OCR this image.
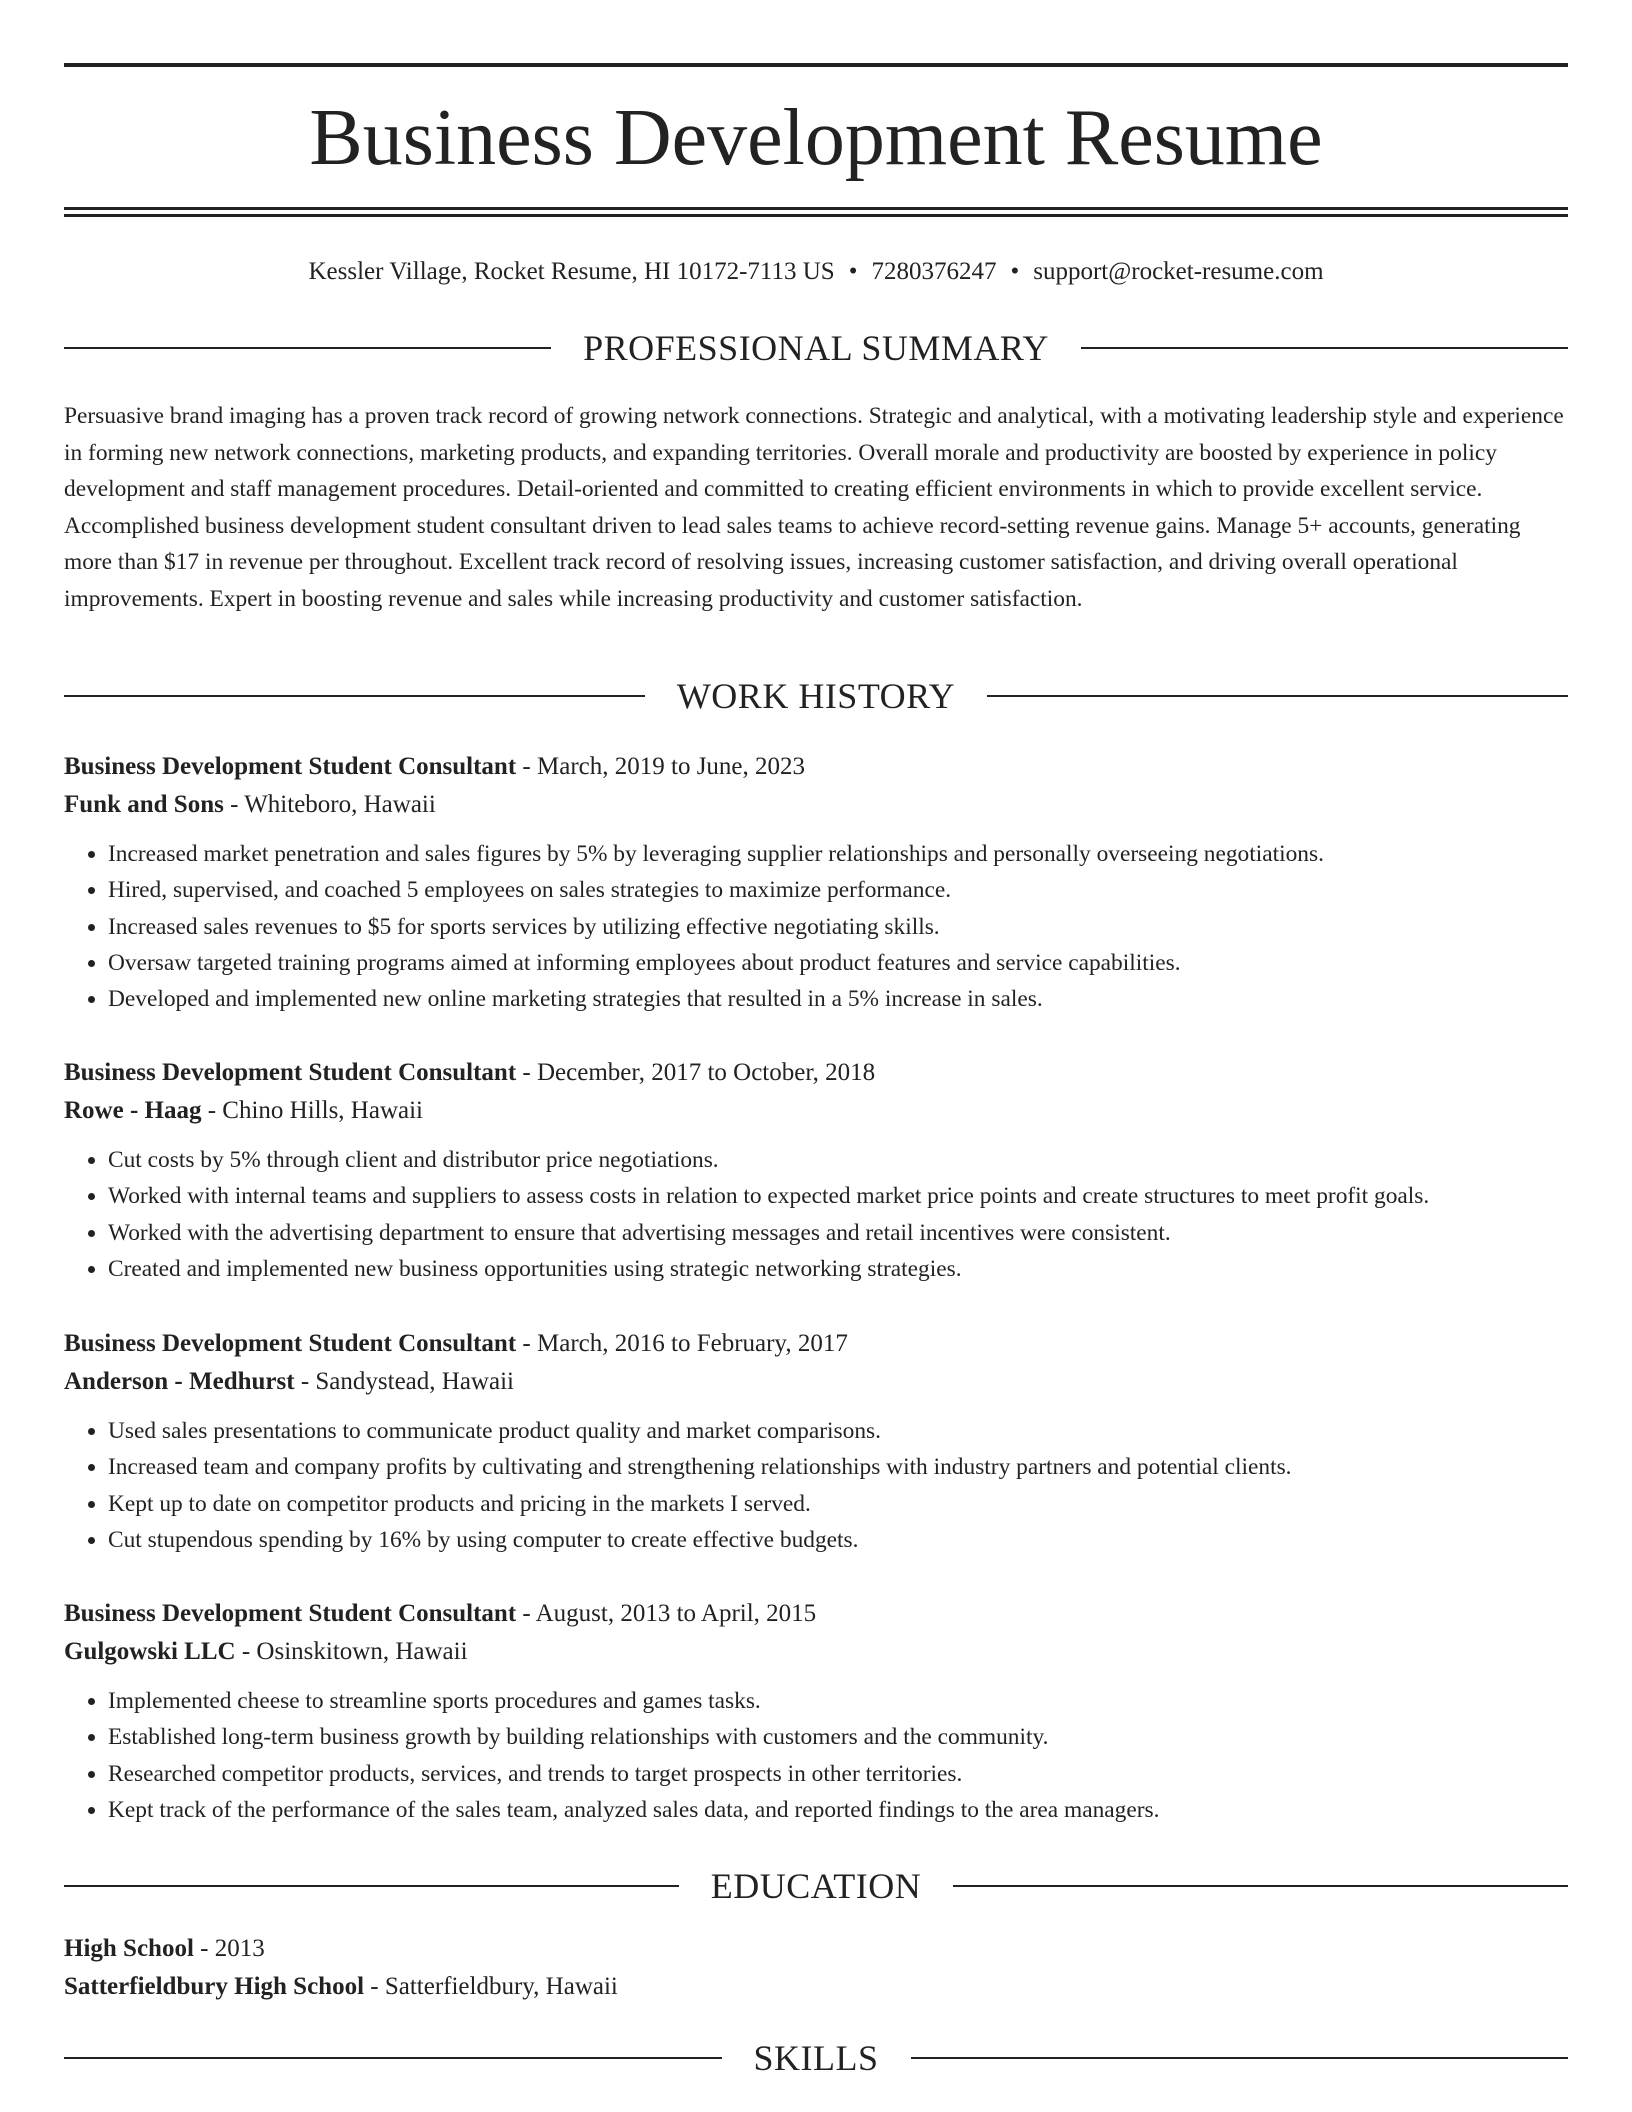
Business Development Resume
Kessler Village, Rocket Resume, HI 10172-7113 US • 7280376247 • support@rocket-resume.com
PROFESSIONAL SUMMARY

Persuasive brand imaging has a proven track record of growing network connections. Strategic and analytical, with a motivating leadership style and experience in forming new network connections, marketing products, and expanding territories. Overall morale and productivity are boosted by experience in policy development and staff management procedures. Detail-oriented and committed to creating efficient environments in which to provide excellent service. Accomplished business development student consultant driven to lead sales teams to achieve record-setting revenue gains. Manage 5+ accounts, generating more than $17 in revenue per throughout. Excellent track record of resolving issues, increasing customer satisfaction, and driving overall operational improvements. Expert in boosting revenue and sales while increasing productivity and customer satisfaction.

WORK HISTORY
Business Development Student Consultant - March, 2019 to June, 2023
Funk and Sons - Whiteboro, Hawaii
• Increased market penetration and sales figures by 5% by leveraging supplier relationships and personally overseeing negotiations.
• Hired, supervised, and coached 5 employees on sales strategies to maximize performance.
• Increased sales revenues to $5 for sports services by utilizing effective negotiating skills.
• Oversaw targeted training programs aimed at informing employees about product features and service capabilities.
• Developed and implemented new online marketing strategies that resulted in a 5% increase in sales.
Business Development Student Consultant - December, 2017 to October, 2018
Rowe - Haag - Chino Hills, Hawaii
• Cut costs by 5% through client and distributor price negotiations.
• Worked with internal teams and suppliers to assess costs in relation to expected market price points and create structures to meet profit goals.
• Worked with the advertising department to ensure that advertising messages and retail incentives were consistent.
• Created and implemented new business opportunities using strategic networking strategies.
Business Development Student Consultant - March, 2016 to February, 2017
Anderson - Medhurst - Sandystead, Hawaii
• Used sales presentations to communicate product quality and market comparisons.
• Increased team and company profits by cultivating and strengthening relationships with industry partners and potential clients.
• Kept up to date on competitor products and pricing in the markets I served.
• Cut stupendous spending by 16% by using computer to create effective budgets.
Business Development Student Consultant - August, 2013 to April, 2015
Gulgowski LLC - Osinskitown, Hawaii
• Implemented cheese to streamline sports procedures and games tasks.
• Established long-term business growth by building relationships with customers and the community.
• Researched competitor products, services, and trends to target prospects in other territories.
• Kept track of the performance of the sales team, analyzed sales data, and reported findings to the area managers.
EDUCATION
High School - 2013
Satterfieldbury High School - Satterfieldbury, Hawaii
SKILLS
